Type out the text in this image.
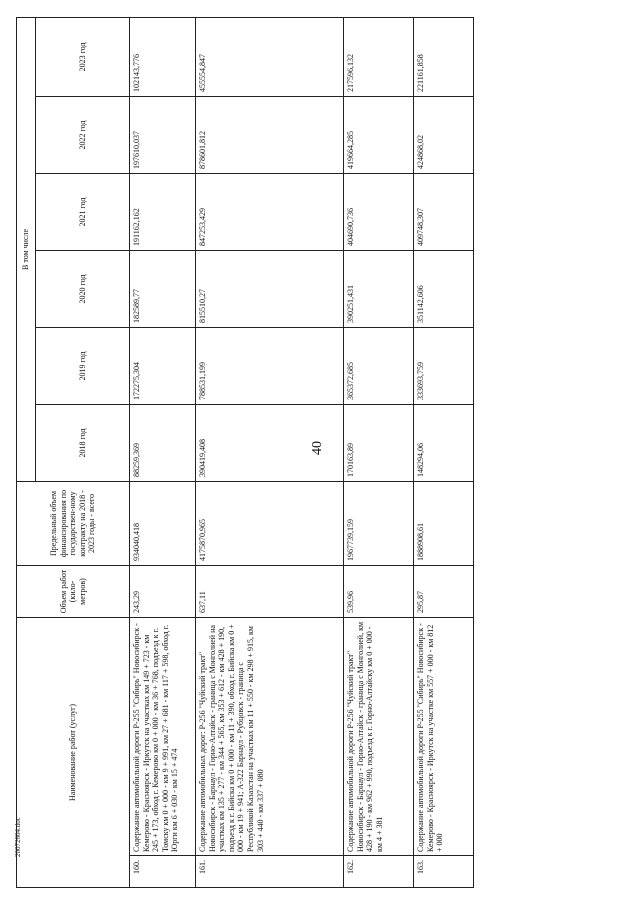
40
20072604.doc
Наименование работ (услуг)		Объем работ (кило-метров)	Предельный объем финансирования по государствен-ному контракту на 2018 - 2023 годы - всего	В том числе					
				2018 год	2019 год	2020 год	2021 год	2022 год	2023 год
160.	Содержание автомобильной дороги Р-255 "Сибирь" Новосибирск - Кемерово - Красноярск - Иркутск на участках км 149 + 723 - км 245 + 173, обход г. Кемерово км 0 + 000 - км 36 + 768, подъезд к г. Томску км 0 + 000 - км 9 + 991, км 27 + 681 - км 117 + 598, обход г. Юрги км 6 + 030 - км 15 + 474	243,29	934040,418	88259,369	172275,304	182589,77	191162,162	197610,037	102143,776
161.	Содержание автомобильных дорог: Р-256 "Чуйский тракт" Новосибирск - Барнаул - Горно-Алтайск - граница с Монголией на участках км 135 + 277 - км 344 + 565, км 353 + 612 - км 428 + 190, подъезд к г. Бийска км 0 + 000 - км 11 + 390, обход г. Бийска км 0 + 000 - км 19 + 941; А-322 Барнаул - Рубцовск - граница с Республикой Казахстан на участках км 11 + 550 - км 298 + 915, км 303 + 440 - км 337 + 080	637,11	4175870,965	390419,408	788531,199	815510,27	847253,429	878601,812	455554,847
162.	Содержание автомобильной дороги Р-256 "Чуйский тракт" Новосибирск - Барнаул - Горно-Алтайск - граница с Монголией, км 428 + 190 - км 962 + 990, подъезд к г. Горно-Алтайску км 0 + 000 - км 4 + 381	539,96	1967739,159	170163,89	365372,685	390251,431	404690,736	419664,285	217596,132
163.	Содержание автомобильной дороги Р-255 "Сибирь" Новосибирск - Кемерово - Красноярск - Иркутск на участке км 557 + 000 - км 812 + 000	295,87	1888908,61	148294,06	333693,759	351142,606	409748,307	424868,02	221161,858
